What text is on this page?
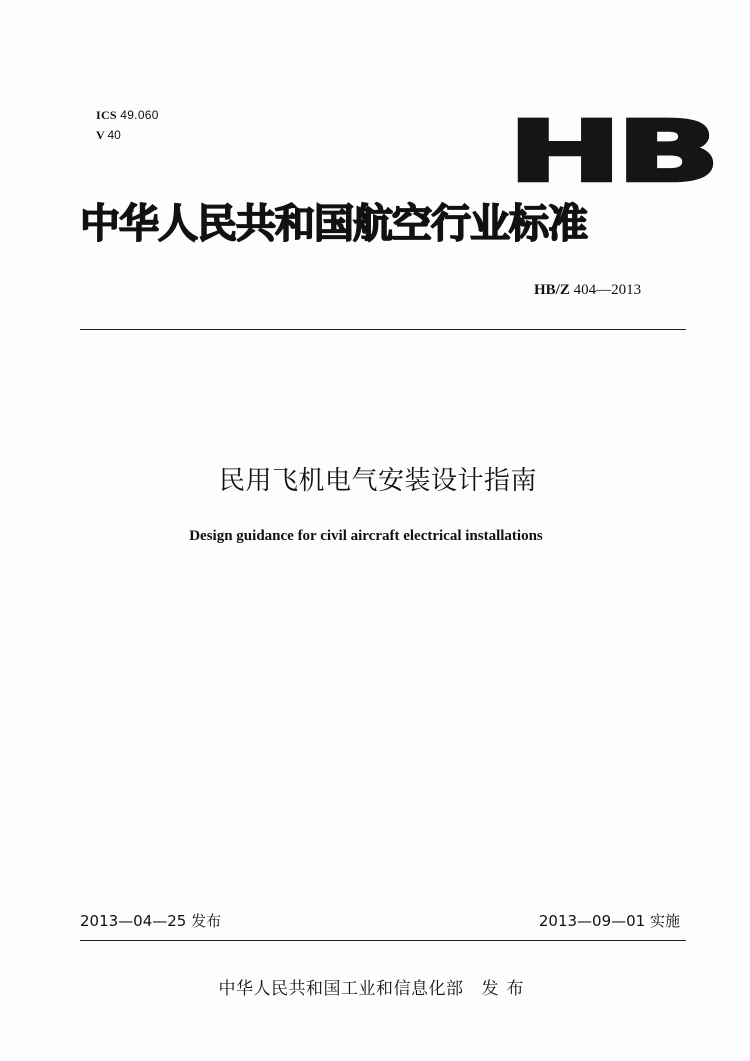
ICS 49.060
V 40	HB
中华人民共和国航空行业标准
HB/Z 404—2013
民用飞机电气安装设计指南
Design guidance for civil aircraft electrical installations
2013—04—25 发布	2013—09—01 实施
中华人民共和国工业和信息化部 发布
